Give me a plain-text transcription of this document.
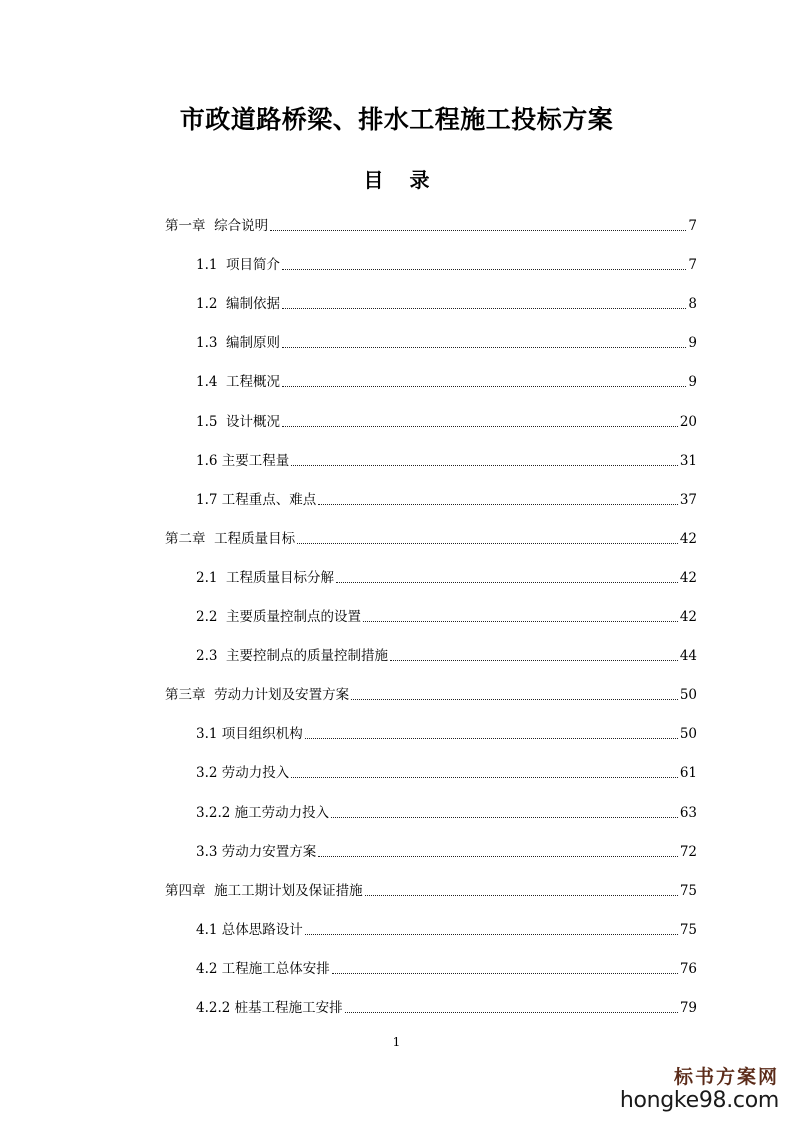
市政道路桥梁、排水工程施工投标方案
目 录
第一章  综合说明	7
1.1  项目简介	7
1.2  编制依据	8
1.3  编制原则	9
1.4  工程概况	9
1.5  设计概况	20
1.6 主要工程量	31
1.7 工程重点、难点	37
第二章  工程质量目标	42
2.1  工程质量目标分解	42
2.2  主要质量控制点的设置	42
2.3  主要控制点的质量控制措施	44
第三章  劳动力计划及安置方案	50
3.1 项目组织机构	50
3.2 劳动力投入	61
3.2.2 施工劳动力投入	63
3.3 劳动力安置方案	72
第四章  施工工期计划及保证措施	75
4.1 总体思路设计	75
4.2 工程施工总体安排	76
4.2.2 桩基工程施工安排	79
1
标书方案网
hongke98.com
